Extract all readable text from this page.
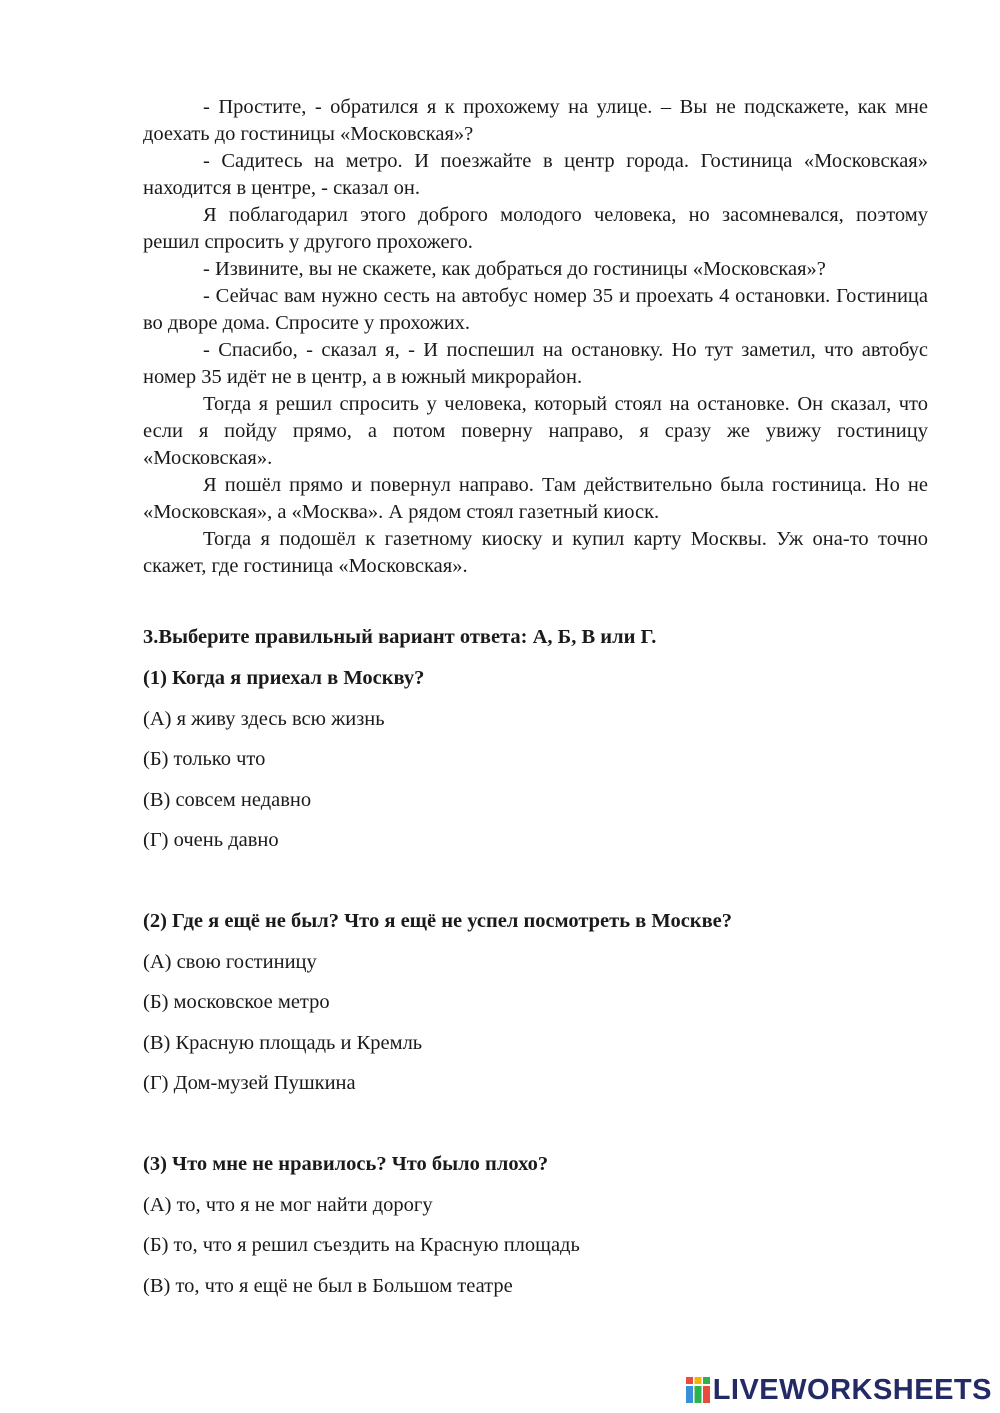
- Простите, - обратился я к прохожему на улице. – Вы не подскажете, как мне доехать до гостиницы «Московская»?

- Садитесь на метро. И поезжайте в центр города. Гостиница «Московская» находится в центре, - сказал он.

Я поблагодарил этого доброго молодого человека, но засомневался, поэтому решил спросить у другого прохожего.

- Извините, вы не скажете, как добраться до гостиницы «Московская»?

- Сейчас вам нужно сесть на автобус номер 35 и проехать 4 остановки. Гостиница во дворе дома. Спросите у прохожих.

- Спасибо, - сказал я, - И поспешил на остановку. Но тут заметил, что автобус номер 35 идёт не в центр, а в южный микрорайон.

Тогда я решил спросить у человека, который стоял на остановке. Он сказал, что если я пойду прямо, а потом поверну направо, я сразу же увижу гостиницу «Московская».

Я пошёл прямо и повернул направо. Там действительно была гостиница. Но не «Московская», а «Москва». А рядом стоял газетный киоск.

Тогда я подошёл к газетному киоску и купил карту Москвы. Уж она-то точно скажет, где гостиница «Московская».

3.Выберите правильный вариант ответа: А, Б, В или Г.

(1) Когда я приехал в Москву?

(А) я живу здесь всю жизнь

(Б) только что

(В) совсем недавно

(Г) очень давно

(2) Где я ещё не был? Что я ещё не успел посмотреть в Москве?

(А) свою гостиницу

(Б) московское метро

(В) Красную площадь и Кремль

(Г) Дом-музей Пушкина

(3) Что мне не нравилось? Что было плохо?

(А) то, что я не мог найти дорогу

(Б) то, что я решил съездить на Красную площадь

(В) то, что я ещё не был в Большом театре

LIVEWORKSHEETS
